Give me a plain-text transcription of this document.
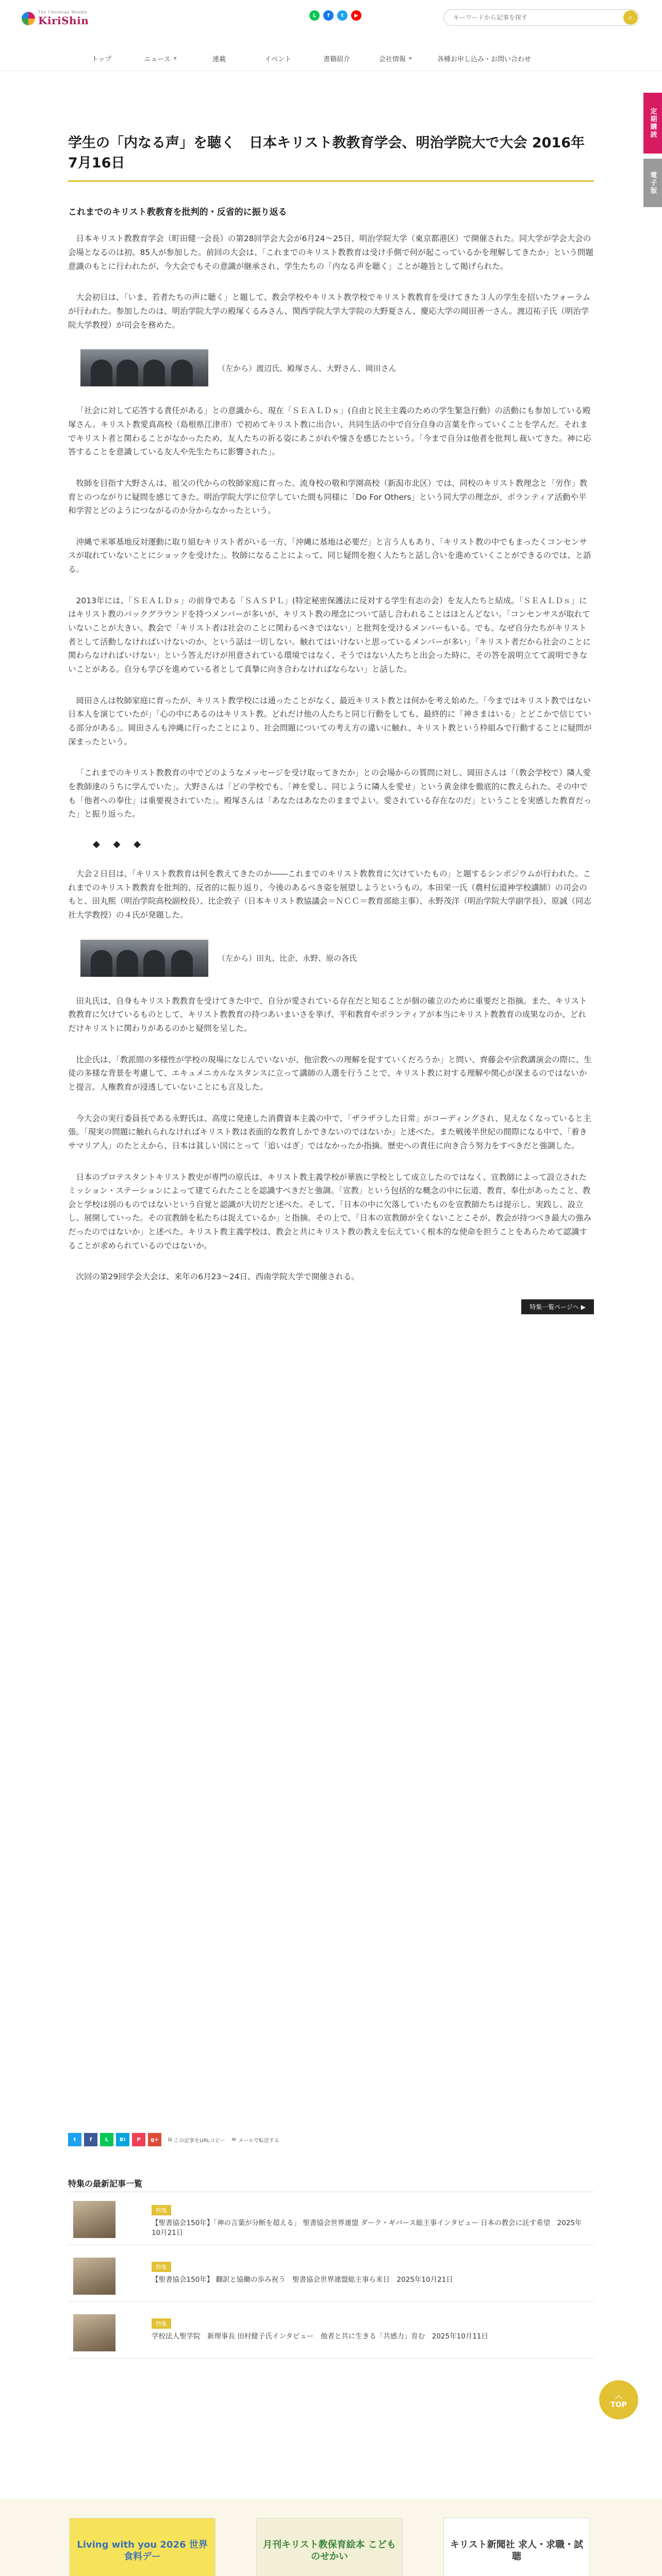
The Christian Weekly
KiriShin	L	f	t	▶
キーワードから記事を探す	⌕
トップ	ニュース ▼	連載	イベント	書籍紹介	会社情報 ▼	各種お申し込み・お問い合わせ
定期購読
電子版
学生の「内なる声」を聴く　日本キリスト教教育学会、明治学院大で大会 2016年7月16日
これまでのキリスト教教育を批判的・反省的に振り返る

日本キリスト教教育学会（町田健一会長）の第28回学会大会が6月24〜25日、明治学院大学（東京都港区）で開催された。同大学が学会大会の会場となるのは初。85人が参加した。前回の大会は、「これまでのキリスト教教育は受け手側で何が起こっているかを理解してきたか」という問題意識のもとに行われたが、今大会でもその意識が継承され、学生たちの「内なる声を聴く」ことが趣旨として掲げられた。

大会初日は、「いま、若者たちの声に聴く」と題して、教会学校やキリスト教学校でキリスト教教育を受けてきた３人の学生を招いたフォーラムが行われた。参加したのは、明治学院大学の殿塚くるみさん、関西学院大学大学院の大野夏さん、慶応大学の岡田善一さん。渡辺祐子氏（明治学院大学教授）が司会を務めた。

（左から）渡辺氏、殿塚さん、大野さん、岡田さん

「社会に対して応答する責任がある」との意識から、現在「ＳＥＡＬＤｓ」(自由と民主主義のための学生緊急行動）の活動にも参加している殿塚さん。キリスト教愛真高校（島根県江津市）で初めてキリスト教に出合い、共同生活の中で自分自身の言葉を作っていくことを学んだ。それまでキリスト者と関わることがなかったため、友人たちの祈る姿にあこがれや憧さを感じたという。「今まで自分は他者を批判し裁いてきた。神に応答することを意識している友人や先生たちに影響された」。

牧師を目指す大野さんは、祖父の代からの牧師家庭に育った。流身校の敬和学園高校（新潟市北区）では、同校のキリスト教理念と「労作」教育とのつながりに疑問を感じてきた。明治学院大学に位学していた間も同様に「Do For Others」という同大学の理念が、ボランティア活動や平和学習とどのようにつながるのか分からなかったという。

沖縄で米軍基地反対運動に取り組むキリスト者がいる一方、「沖縄に基地は必要だ」と言う人もあり、「キリスト教の中でもまったくコンセンサスが取れていないことにショックを受けた」。牧師になることによって、同じ疑問を抱く人たちと話し合いを進めていくことができるのでは、と語る。

2013年には、「ＳＥＡＬＤｓ」の前身である「ＳＡＳＰＬ」(特定秘密保護法に反対する学生有志の会）を友人たちと結成。「ＳＥＡＬＤｓ」にはキリスト教のバックグラウンドを持つメンバーが多いが、キリスト教の理念について話し合われることはほとんどない。「コンセンサスが取れていないことが大きい。教会で「キリスト者は社会のことに関わるべきではない」と批判を受けるメンバーもいる。でも、なぜ自分たちがキリスト者として活動しなければいけないのか、という話は一切しない。触れてはいけないと思っているメンバーが多い」「キリスト者だから社会のことに関わらなければいけない」という答えだけが用意されている環境ではなく、そうではない人たちと出会った時に、その答を説明立てて説明できないことがある。自分も学びを進めている者として真摯に向き合わなければならない」と話した。

岡田さんは牧師家庭に育ったが、キリスト教学校には通ったことがなく、最近キリスト教とは何かを考え始めた。「今まではキリスト教ではない日本人を演じていたが」「心の中にあるのはキリスト教。どれだけ他の人たちと同じ行動をしても、最終的に「神さまはいる」とどこかで信じている部分がある」。岡田さんも沖縄に行ったことにより、社会問題についての考え方の違いに触れ、キリスト教という枠組みで行動することに疑問が深まったという。

「これまでのキリスト教教育の中でどのようなメッセージを受け取ってきたか」との会場からの質問に対し、岡田さんは「（教会学校で）隣人愛を教師達のうちに学んでいた」。大野さんは「どの学校でも、「神を愛し、同じように隣人を愛せ」という黄金律を徹底的に教えられた。その中でも「他者への奉仕」は重要視されていた」。殿塚さんは「あなたはあなたのままでよい。愛されている存在なのだ」ということを実感した教育だった」と振り返った。

◆ ◆ ◆

大会２日目は、「キリスト教教育は何を教えてきたのか――これまでのキリスト教教育に欠けていたもの」と題するシンポジウムが行われた。これまでのキリスト教教育を批判的、反省的に振り返り、今後のあるべき姿を展望しようというもの。本田栄一氏（農村伝道神学校講師）の司会のもと、田丸煕（明治学院高校副校長）、比企敦子（日本キリスト教協議会＝ＮＣＣ＝教育部総主事）、永野茂洋（明治学院大学副学長）、原誠（同志社大学教授）の４氏が発題した。

（左から）田丸、比企、永野、原の各氏

田丸氏は、自身もキリスト教教育を受けてきた中で、自分が愛されている存在だと知ることが個の確立のために重要だと指摘。また、キリスト教教育に欠けているものとして、キリスト教教育の持つあいまいさを挙げ、平和教育やボランティアが本当にキリスト教教育の成果なのか、どれだけキリストに関わりがあるのかと疑問を呈した。

比企氏は、「教派間の多様性が学校の現場になじんでいないが、他宗教への理解を促すていくだろうか」と問い、齊藤会や宗教講演会の際に、生徒の多様な背景を考慮して、エキュメニカルなスタンスに立って講師の人選を行うことで、キリスト教に対する理解や関心が深まるのではないかと提言。人権教育が浸透していないことにも言及した。

今大会の実行委員長である永野氏は、高度に発達した消費資本主義の中で、「ザラザラした日常」がコーディングされ、見えなくなっていると主張。「現実の問題に触れられなければキリスト教は表面的な教育しかできないのではないか」と述べた。また戦後半世紀の間際になる中で、「着きサマリア人」のたとえから、日本は貧しい国にとって「追いはぎ」ではなかったか指摘。歴史への責任に向き合う努力をすべきだと強調した。

日本のプロテスタントキリスト教史が専門の原氏は、キリスト教主義学校が華族に学校として成立したのではなく、宣教師によって設立されたミッション・ステーションによって建てられたことを認識すべきだと強調。「宣教」という包括的な概念の中に伝道、教育、奉仕があったこと、教会と学校は別のものではないという自覚と認識が大切だと述べた。そして、「日本の中に欠落していたものを宣教師たちは提示し、実践し、設立し、展開していった。その宣教師を私たちは捉えているか」と指摘。その上で、「日本の宣教師が全くないことこそが、教会が持つべき最大の強みだったのではないか」と述べた。キリスト教主義学校は、教会と共にキリスト教の教えを伝えていく根本的な使命を担うことをあらためて認識することが求められているのではないか。

次回の第29回学会大会は、来年の6月23〜24日、西南学院大学で開催される。

特集一覧ページへ ▶
t	f	L	B!	P	g+	⧉ この記事をURLコピー ✉ メールで転送する
特集の最新記事一覧
特集
【聖書協会150年】「神の言葉が分断を超える」 聖書協会世界連盟 ダーク・ギバース総主事インタビュー 日本の教会に託す希望　2025年10月21日
特集
【聖書協会150年】 翻訳と協働の歩み祝う　聖書協会世界連盟総主事ら来日　2025年10月21日
特集
学校法人聖学院　新理事長 田村健子氏インタビュー　他者と共に生きる「共感力」育む　2025年10月11日
︿
TOP
Living with you 2026 世界食料デー
月刊キリスト教保育絵本 こどものせかい
キリスト新聞社 求人・求職・試聴
